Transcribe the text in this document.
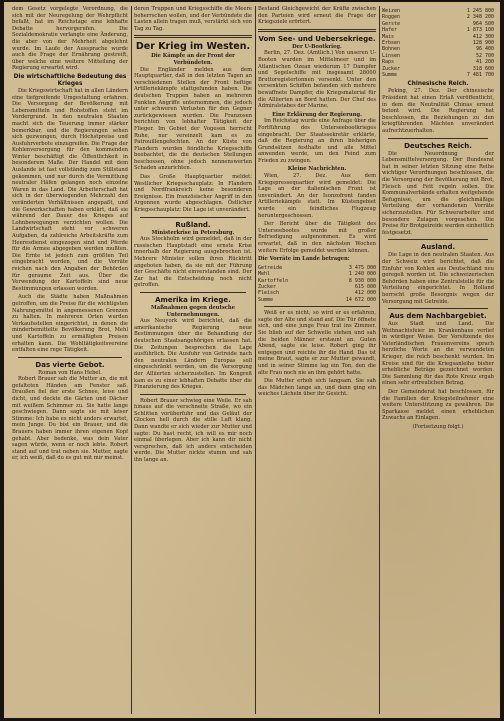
dem Gesetz vorgelegte Verordnung, die sich mit der Neuregelung der Wehrpflicht befaßt, hat im Reichstage eine lebhafte Debatte hervorgerufen. Die Sozialdemokratie verlangte eine Änderung, die aber von der Mehrheit abgelehnt wurde. Im Laufe der Aussprache wurde auch die Frage der Ernährung gestreift, über welche eine weitere Mitteilung der Regierung erwartet wird.

Die wirtschaftliche Bedeutung des Krieges

Die Kriegswirtschaft hat in allen Ländern eine tiefgreifende Umgestaltung erfahren. Die Versorgung der Bevölkerung mit Lebensmitteln und Rohstoffen steht im Vordergrund. In den neutralen Staaten macht sich die Teuerung immer stärker bemerkbar, und die Regierungen sehen sich gezwungen, durch Höchstpreise und Ausfuhrverbote einzugreifen. Die Frage der Kohlenversorgung für den kommenden Winter beschäftigt die Öffentlichkeit in besonderem Maße. Der Handel mit dem Auslande ist fast vollständig zum Stillstand gekommen, und nur durch die Vermittlung neutraler Häfen gelangen noch einzelne Waren in das Land. Die Arbeiterschaft hat sich in der überwiegenden Mehrzahl den veränderten Verhältnissen angepaßt, und die Gewerkschaften haben erklärt, daß sie während der Dauer des Krieges auf Lohnbewegungen verzichten wollen. Die Landwirtschaft steht vor schweren Aufgaben, da zahlreiche Arbeitskräfte zum Heeresdienst eingezogen sind und Pferde für die Armee abgegeben werden mußten. Die Ernte ist jedoch zum größten Teil eingebracht worden, und die Vorräte reichen nach den Angaben der Behörden für geraume Zeit aus. Über die Verwendung der Kartoffeln sind neue Bestimmungen erlassen worden.

Auch die Städte haben Maßnahmen getroffen, um die Preise für die wichtigsten Nahrungsmittel in angemessenen Grenzen zu halten. In mehreren Orten wurden Verkaufsstellen eingerichtet, in denen die minderbemittelte Bevölkerung Brot, Mehl und Kartoffeln zu ermäßigten Preisen erhalten kann. Die Wohltätigkeitsvereine entfalten eine rege Tätigkeit.

Das vierte Gebot.

Roman von Hans Hebel.

Robert Brauer sah die Mutter an, die mit gefalteten Händen am Fenster saß. Draußen fiel der erste Schnee, leise und dicht, und deckte die Gärten und Dächer mit weißem Schimmer zu. Sie hatte lange geschwiegen. Dann sagte sie mit leiser Stimme: Ich habe es nicht anders erwartet, mein Junge. Du bist ein Brauer, und die Brauers haben immer ihren eigenen Kopf gehabt. Aber bedenke, was dein Vater sagen würde, wenn er noch lebte. Robert stand auf und trat neben sie. Mutter, sagte er, ich weiß, daß du es gut mit mir meinst.

deren Truppen und Kriegsschiffe die Meere beherrschen wollen, und der Verbündete die Lasten allein tragen muß, verstärkt sich von Tag zu Tag.

Der Krieg im Westen.

Die Kämpfe an der Front der Verbündeten.

Die Engländer melden aus dem Hauptquartier, daß in den letzten Tagen an verschiedenen Stellen der Front heftige Artilleriekämpfe stattgefunden haben. Die deutschen Truppen haben an mehreren Punkten Angriffe unternommen, die jedoch unter schweren Verlusten für den Gegner zurückgewiesen wurden. Die Franzosen berichten von lebhafter Tätigkeit der Flieger. Im Gebiet der Vogesen herrscht Ruhe, nur vereinzelt kam es zu Patrouillengefechten. An der Küste von Flandern wurden feindliche Kriegsschiffe beobachtet, die die deutschen Stellungen beschossen, ohne jedoch nennenswerten Schaden anzurichten.

Das Große Hauptquartier meldet: Westlicher Kriegsschauplatz: In Flandern und Nordfrankreich keine besonderen Ereignisse. Ein französischer Angriff in den Argonnen wurde abgeschlagen. Östlicher Kriegsschauplatz: Die Lage ist unverändert.

Rußland.

Ministerkrise in Petersburg.

Aus Stockholm wird gemeldet, daß in der russischen Hauptstadt eine ernste Krise innerhalb der Regierung ausgebrochen ist. Mehrere Minister sollen ihren Rücktritt angeboten haben, da sie mit der Führung der Geschäfte nicht einverstanden sind. Der Zar hat die Entscheidung noch nicht getroffen.

Amerika im Kriege.

Maßnahmen gegen deutsche Unternehmungen.

Aus Neuyork wird berichtet, daß die amerikanische Regierung neue Bestimmungen über die Behandlung der deutschen Staatsangehörigen erlassen hat. Die Zeitungen besprechen die Lage ausführlich. Die Ausfuhr von Getreide nach den neutralen Ländern Europas soll eingeschränkt werden, um die Versorgung der Alliierten sicherzustellen. Im Kongreß kam es zu einer lebhaften Debatte über die Finanzierung des Krieges.

Robert Brauer schwieg eine Weile. Er sah hinaus auf die verschneite Straße, wo ein Schlitten vorüberfuhr und das Geläut der Glocken hell durch die stille Luft klang. Dann wandte er sich wieder zur Mutter und sagte: Du hast recht, ich will es mir noch einmal überlegen. Aber ich kann dir nicht versprechen, daß ich anders entscheiden werde. Die Mutter nickte stumm und sah ihn lange an.

Bestand Gleichgewicht der Kräfte zwischen den Parteien wird erneut die Frage der Kriegsziele erörtert.

Vom See- und Uebersekriege.

Der U-Bootkrieg.

Berlin, 27. Dez. (Amtlich.) Von unseren U-Booten wurden im Mittelmeer und im Atlantischen Ozean wiederum 17 Dampfer und Segelschiffe mit insgesamt 28000 Bruttoregistertonnen versenkt. Unter den versenkten Schiffen befanden sich mehrere bewaffnete Dampfer, die Kriegsmaterial für die Alliierten an Bord hatten. Der Chef des Admiralstabes der Marine.

Eine Erklärung der Regierung.

Im Reichstag wurde eine Anfrage über die Fortführung des Unterseebootkrieges eingebracht. Der Staatssekretär erklärte, daß die Regierung an ihren bisherigen Grundsätzen festhalte und alle Mittel anwenden werde, um den Feind zum Frieden zu zwingen.

Kleine Nachrichten.

Wien, 27. Dez. Aus dem Kriegspressequartier wird gemeldet: Die Lage an der italienischen Front ist unverändert. An der Isonzofront fanden Artilleriekämpfe statt. Im Küstengebiet wurde ein feindliches Flugzeug heruntergeschossen.

Der Bericht über die Tätigkeit des Unterseebootes wurde mit großer Befriedigung aufgenommen. Es wird erwartet, daß in den nächsten Wochen weitere Erfolge gemeldet werden können.

Die Vorräte im Lande betragen:

Getreide	3 475 000
Mehl	1 240 000
Kartoffeln	8 930 000
Zucker	615 000
Fleisch	412 000
Summe	14 672 000

Weiß er es nicht, so wird er es erfahren, sagte der Alte und stand auf. Die Tür öffnete sich, und eine junge Frau trat ins Zimmer. Sie blieb auf der Schwelle stehen und sah die beiden Männer erstaunt an. Guten Abend, sagte sie leise. Robert ging ihr entgegen und reichte ihr die Hand. Das ist meine Braut, sagte er zur Mutter gewandt, und in seiner Stimme lag ein Ton, den die alte Frau noch nie an ihm gehört hatte.

Die Mutter erhob sich langsam. Sie sah das Mädchen lange an, und dann ging ein weiches Lächeln über ihr Gesicht.

Weizen	1 245 800
Roggen	2 348 200
Gerste	964 500
Hafer	1 873 100
Mais	412 300
Erbsen	128 900
Bohnen	96 400
Linsen	52 700
Raps	41 200
Zucker	318 600
Summe	7 481 700

Chinesische Reich.

Peking, 27. Dez. Der chinesische Präsident hat einen Erlaß veröffentlicht, in dem die Neutralität Chinas erneut betont wird. Die Regierung hat beschlossen, die Beziehungen zu den kriegführenden Mächten unverändert aufrechtzuerhalten.

Deutsches Reich.

Die Neuordnung der Lebensmittelversorgung. Der Bundesrat hat in seiner letzten Sitzung eine Reihe wichtiger Verordnungen beschlossen, die die Versorgung der Bevölkerung mit Brot, Fleisch und Fett regeln sollen. Die Kommunalverbände erhalten weitgehende Befugnisse, um die gleichmäßige Verteilung der vorhandenen Vorräte sicherzustellen. Für Schwerarbeiter sind besondere Zulagen vorgesehen. Die Preise für Brotgetreide werden einheitlich festgesetzt.

Ausland.

Die Lage in den neutralen Staaten. Aus der Schweiz wird berichtet, daß die Einfuhr von Kohlen aus Deutschland neu geregelt worden ist. Die schweizerischen Behörden haben eine Zentralstelle für die Verteilung eingerichtet. In Holland herrscht große Besorgnis wegen der Versorgung mit Getreide.

Aus dem Nachbargebiet.

Aus Stadt und Land. Die Weihnachtsfeier im Krankenhaus verlief in würdiger Weise. Der Vorsitzende des Vaterländischen Frauenvereins sprach herzliche Worte an die verwundeten Krieger, die reich beschenkt wurden. Im Kreise sind für die Kriegsanleihe bisher erhebliche Beträge gezeichnet worden. Die Sammlung für das Rote Kreuz ergab einen sehr erfreulichen Betrag.

Der Gemeinderat hat beschlossen, für die Familien der Kriegsteilnehmer eine weitere Unterstützung zu gewähren. Die Sparkasse meldet einen erheblichen Zuwachs an Einlagen.

(Fortsetzung folgt.)
